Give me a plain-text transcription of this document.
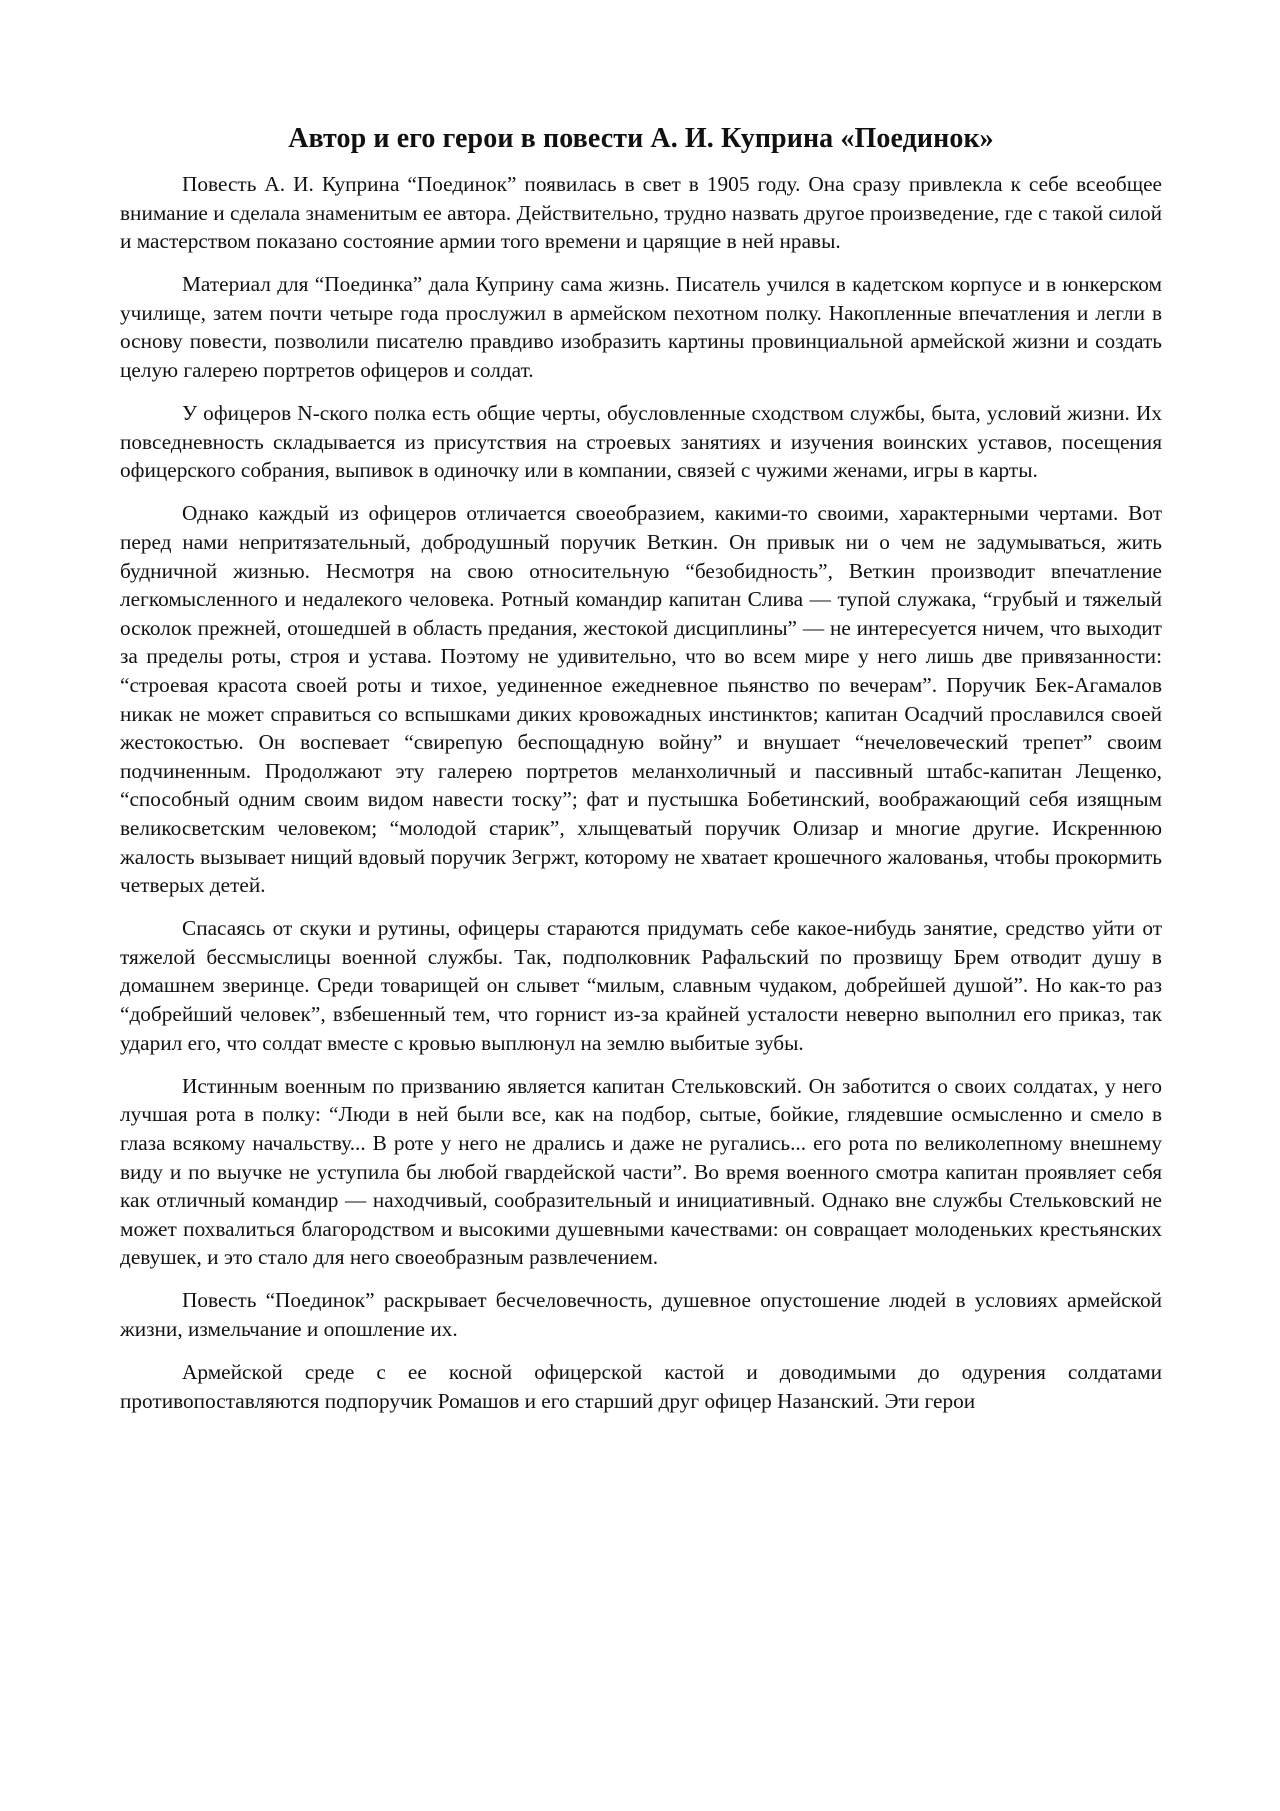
Автор и его герои в повести А. И. Куприна «Поединок»

Повесть А. И. Куприна “Поединок” появилась в свет в 1905 году. Она сразу привлекла к себе всеобщее внимание и сделала знаменитым ее автора. Действительно, трудно назвать другое произведение, где с такой силой и мастерством показано состояние армии того времени и царящие в ней нравы.

Материал для “Поединка” дала Куприну сама жизнь. Писатель учился в кадетском корпусе и в юнкерском училище, затем почти четыре года прослужил в армейском пехотном полку. Накопленные впечатления и легли в основу повести, позволили писателю правдиво изобразить картины провинциальной армейской жизни и создать целую галерею портретов офицеров и солдат.

У офицеров N-ского полка есть общие черты, обусловленные сходством службы, быта, условий жизни. Их повседневность складывается из присутствия на строевых занятиях и изучения воинских уставов, посещения офицерского собрания, выпивок в одиночку или в компании, связей с чужими женами, игры в карты.

Однако каждый из офицеров отличается своеобразием, какими-то своими, характерными чертами. Вот перед нами непритязательный, добродушный поручик Веткин. Он привык ни о чем не задумываться, жить будничной жизнью. Несмотря на свою относительную “безобидность”, Веткин производит впечатление легкомысленного и недалекого человека. Ротный командир капитан Слива — тупой служака, “грубый и тяжелый осколок прежней, отошедшей в область предания, жестокой дисциплины” — не интересуется ничем, что выходит за пределы роты, строя и устава. Поэтому не удивительно, что во всем мире у него лишь две привязанности: “строевая красота своей роты и тихое, уединенное ежедневное пьянство по вечерам”. Поручик Бек-Агамалов никак не может справиться со вспышками диких кровожадных инстинктов; капитан Осадчий прославился своей жестокостью. Он воспевает “свирепую беспощадную войну” и внушает “нечеловеческий трепет” своим подчиненным. Продолжают эту галерею портретов меланхоличный и пассивный штабс-капитан Лещенко, “способный одним своим видом навести тоску”; фат и пустышка Бобетинский, воображающий себя изящным великосветским человеком; “молодой старик”, хлыщеватый поручик Олизар и многие другие. Искреннюю жалость вызывает нищий вдовый поручик Зегржт, которому не хватает крошечного жалованья, чтобы прокормить четверых детей.

Спасаясь от скуки и рутины, офицеры стараются придумать себе какое-нибудь занятие, средство уйти от тяжелой бессмыслицы военной службы. Так, подполковник Рафальский по прозвищу Брем отводит душу в домашнем зверинце. Среди товарищей он слывет “милым, славным чудаком, добрейшей душой”. Но как-то раз “добрейший человек”, взбешенный тем, что горнист из-за крайней усталости неверно выполнил его приказ, так ударил его, что солдат вместе с кровью выплюнул на землю выбитые зубы.

Истинным военным по призванию является капитан Стельковский. Он заботится о своих солдатах, у него лучшая рота в полку: “Люди в ней были все, как на подбор, сытые, бойкие, глядевшие осмысленно и смело в глаза всякому начальству... В роте у него не дрались и даже не ругались... его рота по великолепному внешнему виду и по выучке не уступила бы любой гвардейской части”. Во время военного смотра капитан проявляет себя как отличный командир — находчивый, сообразительный и инициативный. Однако вне службы Стельковский не может похвалиться благородством и высокими душевными качествами: он совращает молоденьких крестьянских девушек, и это стало для него своеобразным развлечением.

Повесть “Поединок” раскрывает бесчеловечность, душевное опустошение людей в условиях армейской жизни, измельчание и опошление их.

Армейской среде с ее косной офицерской кастой и доводимыми до одурения солдатами противопоставляются подпоручик Ромашов и его старший друг офицер Назанский. Эти герои
